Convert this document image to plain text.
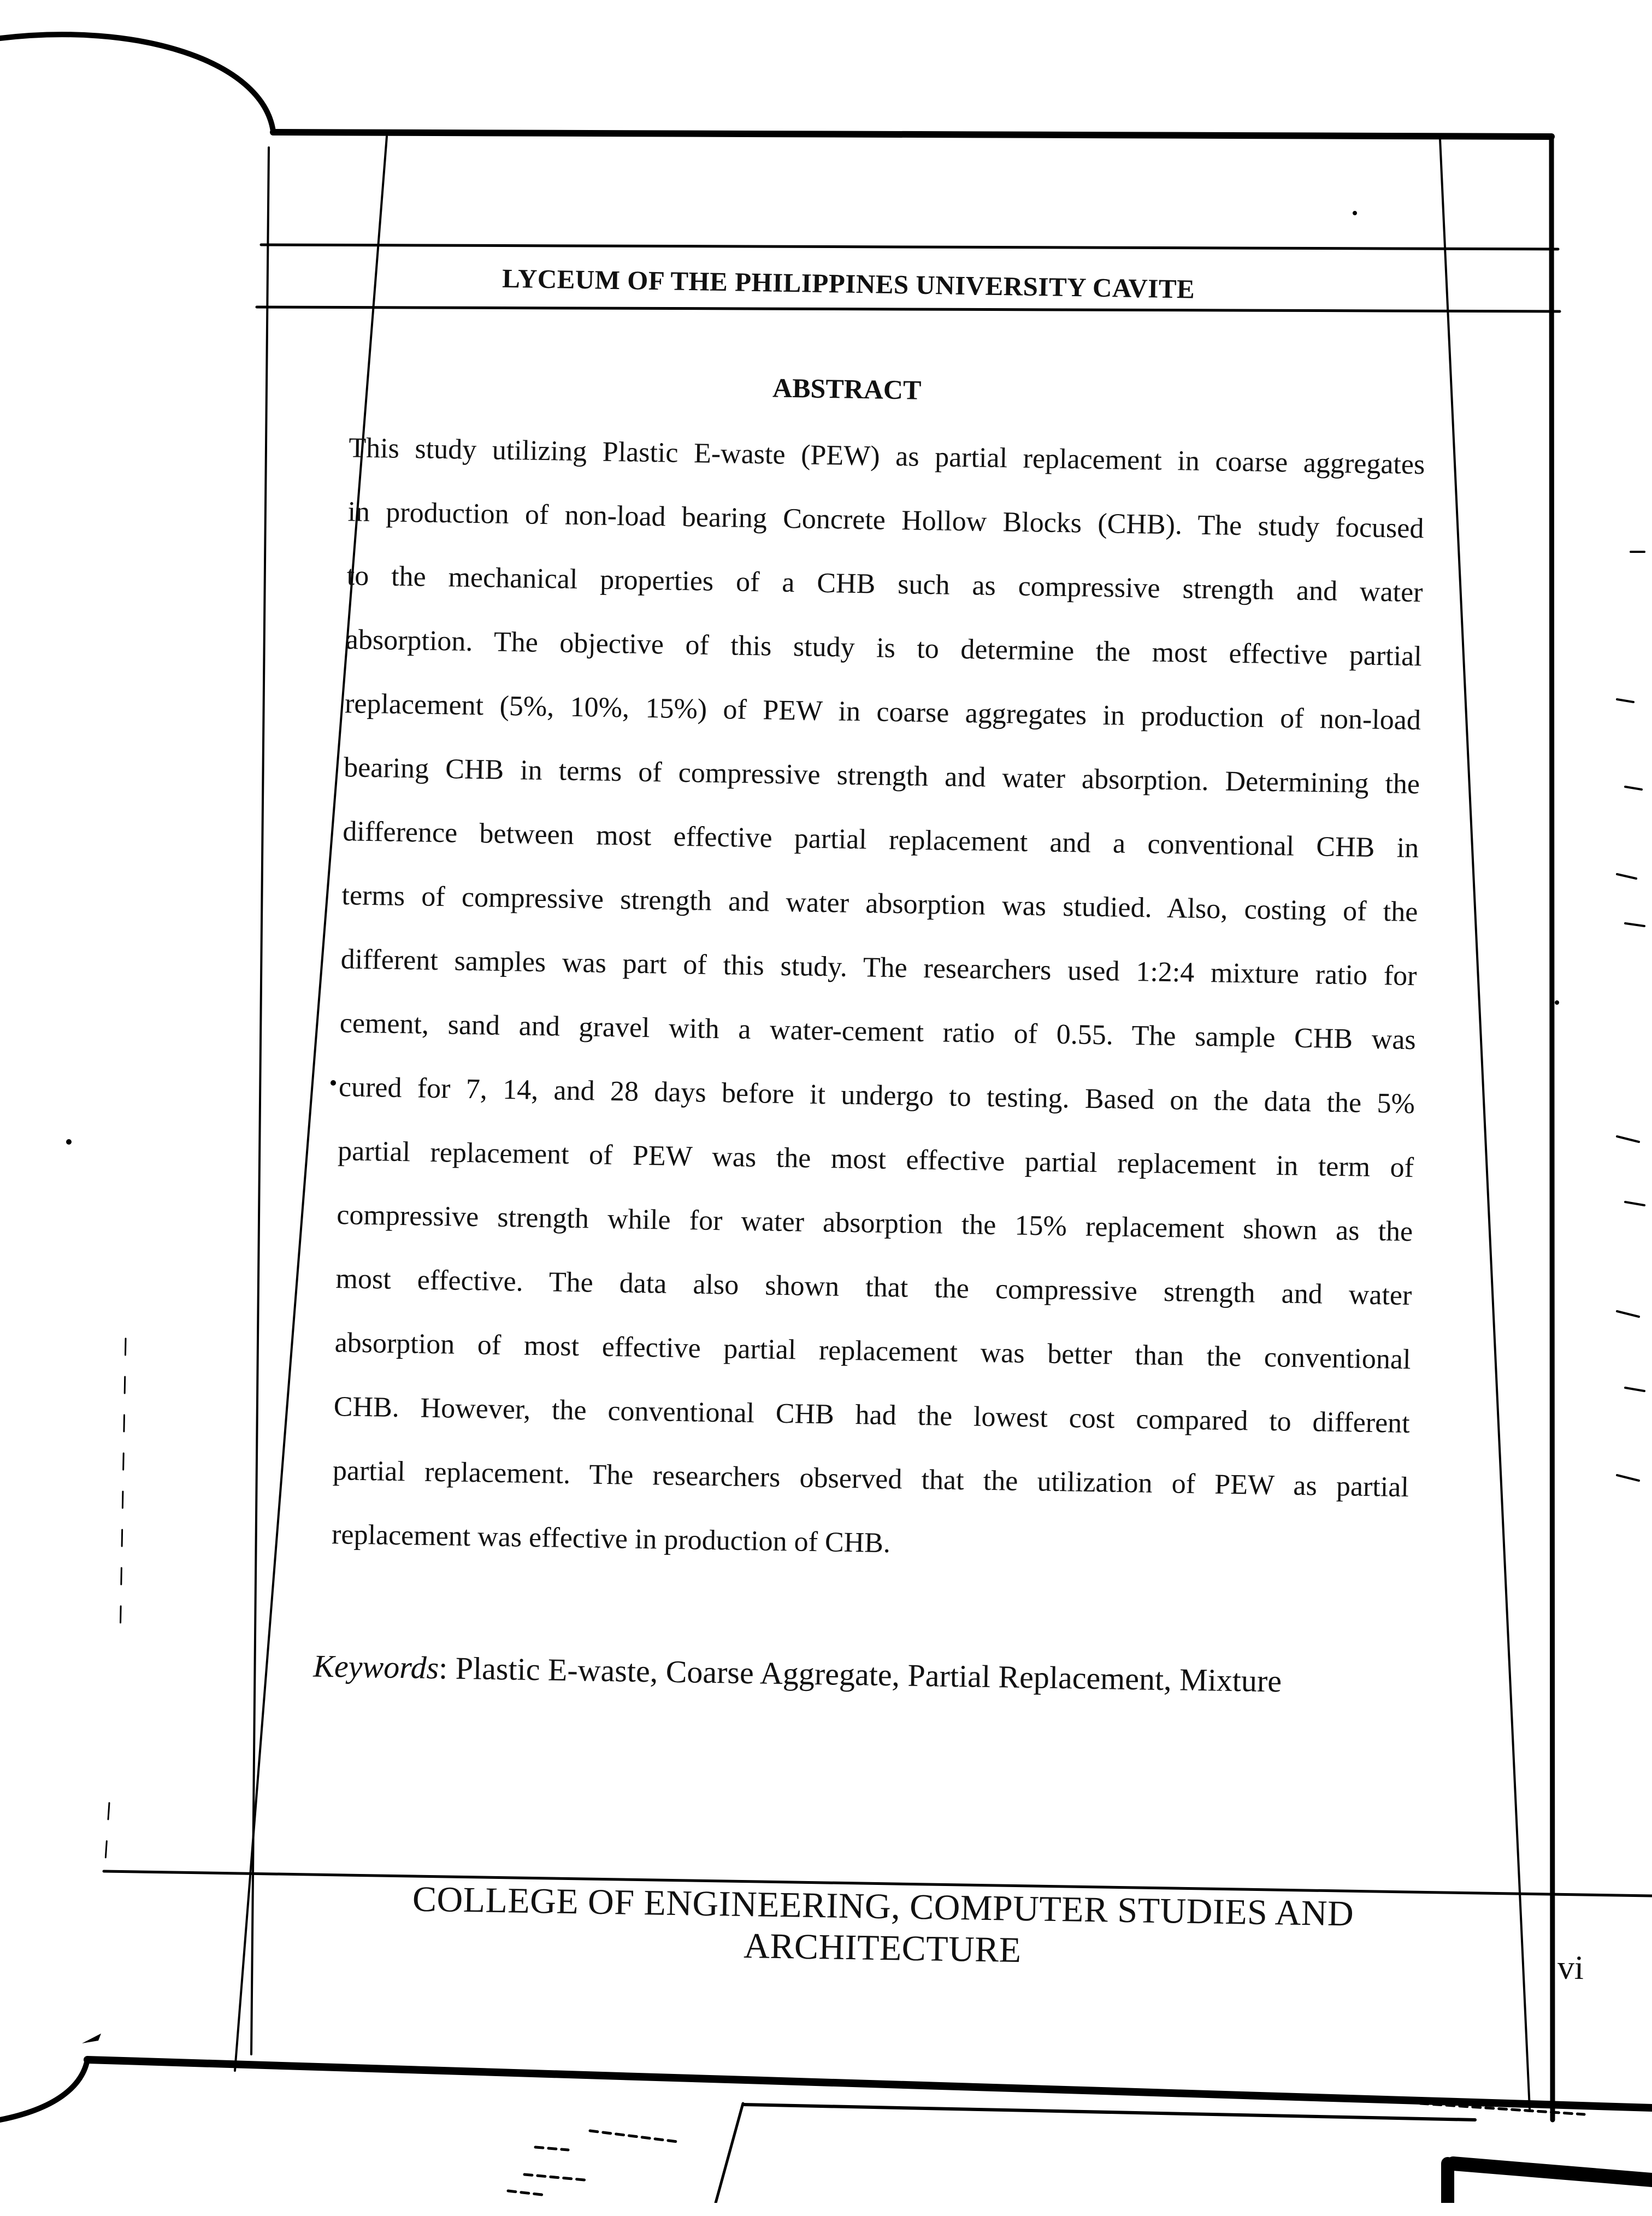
LYCEUM OF THE PHILIPPINES UNIVERSITY CAVITE
ABSTRACT
This study utilizing Plastic E-waste (PEW) as partial replacement in coarse aggregates
in production of non-load bearing Concrete Hollow Blocks (CHB). The study focused
to the mechanical properties of a CHB such as compressive strength and water
absorption. The objective of this study is to determine the most effective partial
replacement (5%, 10%, 15%) of PEW in coarse aggregates in production of non-load
bearing CHB in terms of compressive strength and water absorption. Determining the
difference between most effective partial replacement and a conventional CHB in
terms of compressive strength and water absorption was studied. Also, costing of the
different samples was part of this study. The researchers used 1:2:4 mixture ratio for
cement, sand and gravel with a water-cement ratio of 0.55. The sample CHB was
cured for 7, 14, and 28 days before it undergo to testing. Based on the data the 5%
partial replacement of PEW was the most effective partial replacement in term of
compressive strength while for water absorption the 15% replacement shown as the
most effective. The data also shown that the compressive strength and water
absorption of most effective partial replacement was better than the conventional
CHB. However, the conventional CHB had the lowest cost compared to different
partial replacement. The researchers observed that the utilization of PEW as partial
replacement was effective in production of CHB.
Keywords: Plastic E-waste, Coarse Aggregate, Partial Replacement, Mixture
COLLEGE OF ENGINEERING, COMPUTER STUDIES AND ARCHITECTURE	vi
